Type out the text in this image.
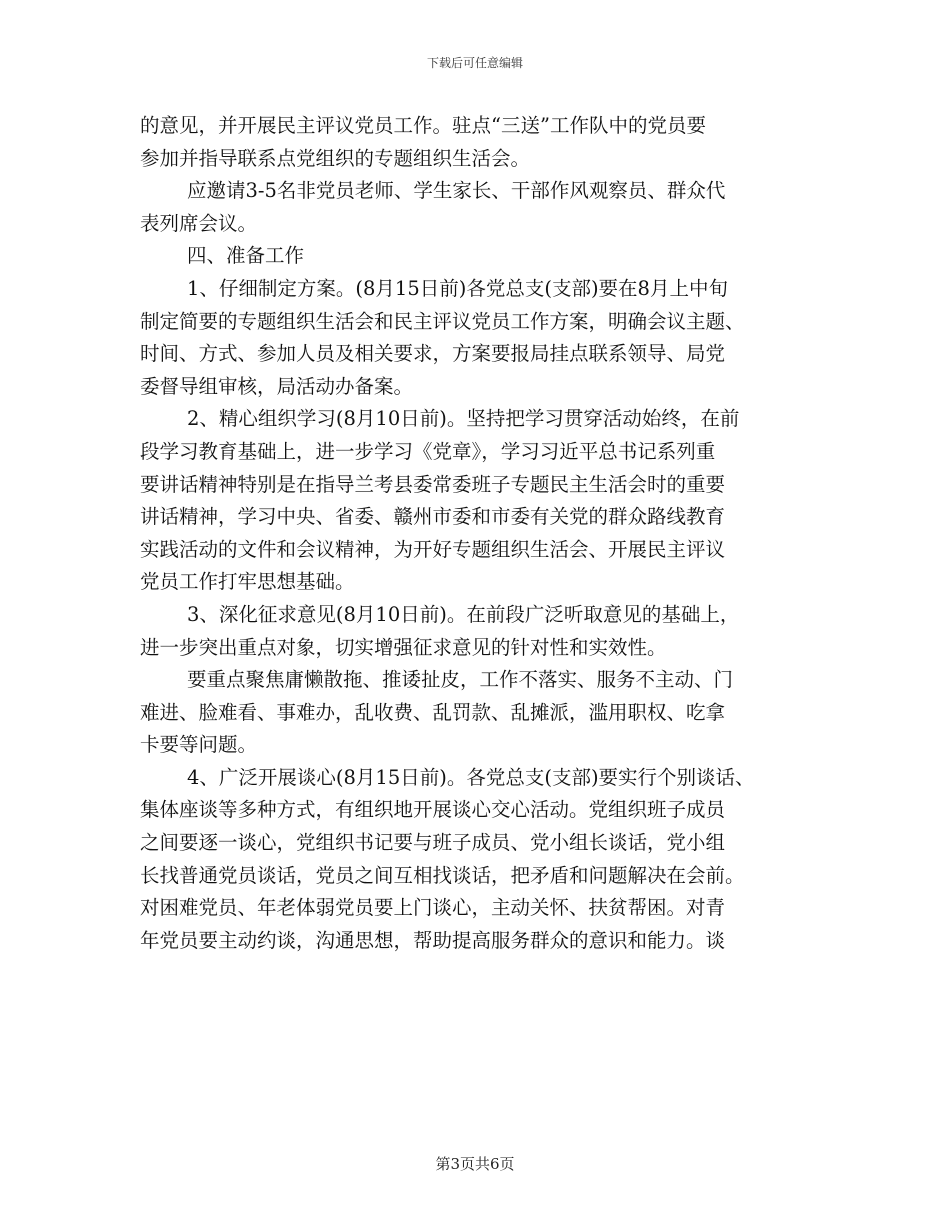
下载后可任意编辑
的意见，并开展民主评议党员工作。驻点“三送”工作队中的党员要
参加并指导联系点党组织的专题组织生活会。
应邀请3-5名非党员老师、学生家长、干部作风观察员、群众代
表列席会议。
四、准备工作
1、仔细制定方案。(8月15日前)各党总支(支部)要在8月上中旬
制定简要的专题组织生活会和民主评议党员工作方案，明确会议主题、
时间、方式、参加人员及相关要求，方案要报局挂点联系领导、局党
委督导组审核，局活动办备案。
2、精心组织学习(8月10日前)。坚持把学习贯穿活动始终，在前
段学习教育基础上，进一步学习《党章》，学习习近平总书记系列重
要讲话精神特别是在指导兰考县委常委班子专题民主生活会时的重要
讲话精神，学习中央、省委、赣州市委和市委有关党的群众路线教育
实践活动的文件和会议精神，为开好专题组织生活会、开展民主评议
党员工作打牢思想基础。
3、深化征求意见(8月10日前)。在前段广泛听取意见的基础上，
进一步突出重点对象，切实增强征求意见的针对性和实效性。
要重点聚焦庸懒散拖、推诿扯皮，工作不落实、服务不主动、门
难进、脸难看、事难办，乱收费、乱罚款、乱摊派，滥用职权、吃拿
卡要等问题。
4、广泛开展谈心(8月15日前)。各党总支(支部)要实行个别谈话、
集体座谈等多种方式，有组织地开展谈心交心活动。党组织班子成员
之间要逐一谈心，党组织书记要与班子成员、党小组长谈话，党小组
长找普通党员谈话，党员之间互相找谈话，把矛盾和问题解决在会前。
对困难党员、年老体弱党员要上门谈心，主动关怀、扶贫帮困。对青
年党员要主动约谈，沟通思想，帮助提高服务群众的意识和能力。谈
第3页共6页
